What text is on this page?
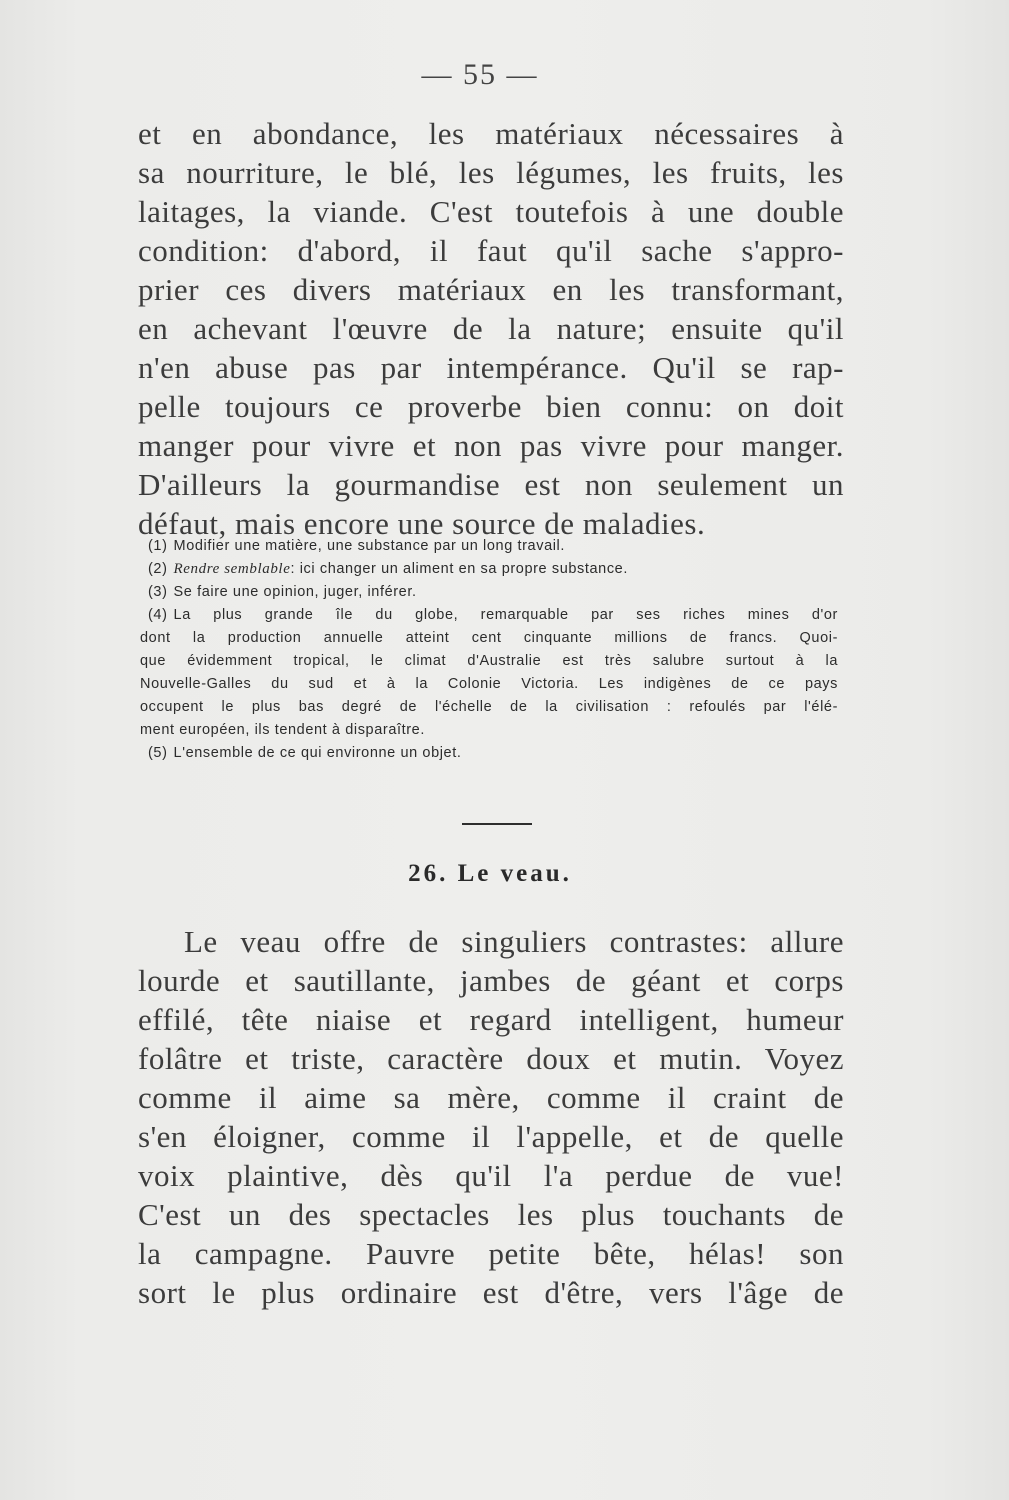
— 55 —
et en abondance, les matériaux nécessaires à
sa nourriture, le blé, les légumes, les fruits, les
laitages, la viande. C'est toutefois à une double
condition: d'abord, il faut qu'il sache s'appro-
prier ces divers matériaux en les transformant,
en achevant l'œuvre de la nature; ensuite qu'il
n'en abuse pas par intempérance. Qu'il se rap-
pelle toujours ce proverbe bien connu: on doit
manger pour vivre et non pas vivre pour manger.
D'ailleurs la gourmandise est non seulement un
défaut, mais encore une source de maladies.
(1) Modifier une matière, une substance par un long travail.
(2) Rendre semblable: ici changer un aliment en sa propre substance.
(3) Se faire une opinion, juger, inférer.
(4) La plus grande île du globe, remarquable par ses riches mines d'or
dont la production annuelle atteint cent cinquante millions de francs. Quoi-
que évidemment tropical, le climat d'Australie est très salubre surtout à la
Nouvelle-Galles du sud et à la Colonie Victoria. Les indigènes de ce pays
occupent le plus bas degré de l'échelle de la civilisation : refoulés par l'élé-
ment européen, ils tendent à disparaître.
(5) L'ensemble de ce qui environne un objet.
26. Le veau.
Le veau offre de singuliers contrastes: allure
lourde et sautillante, jambes de géant et corps
effilé, tête niaise et regard intelligent, humeur
folâtre et triste, caractère doux et mutin. Voyez
comme il aime sa mère, comme il craint de
s'en éloigner, comme il l'appelle, et de quelle
voix plaintive, dès qu'il l'a perdue de vue!
C'est un des spectacles les plus touchants de
la campagne. Pauvre petite bête, hélas! son
sort le plus ordinaire est d'être, vers l'âge de
